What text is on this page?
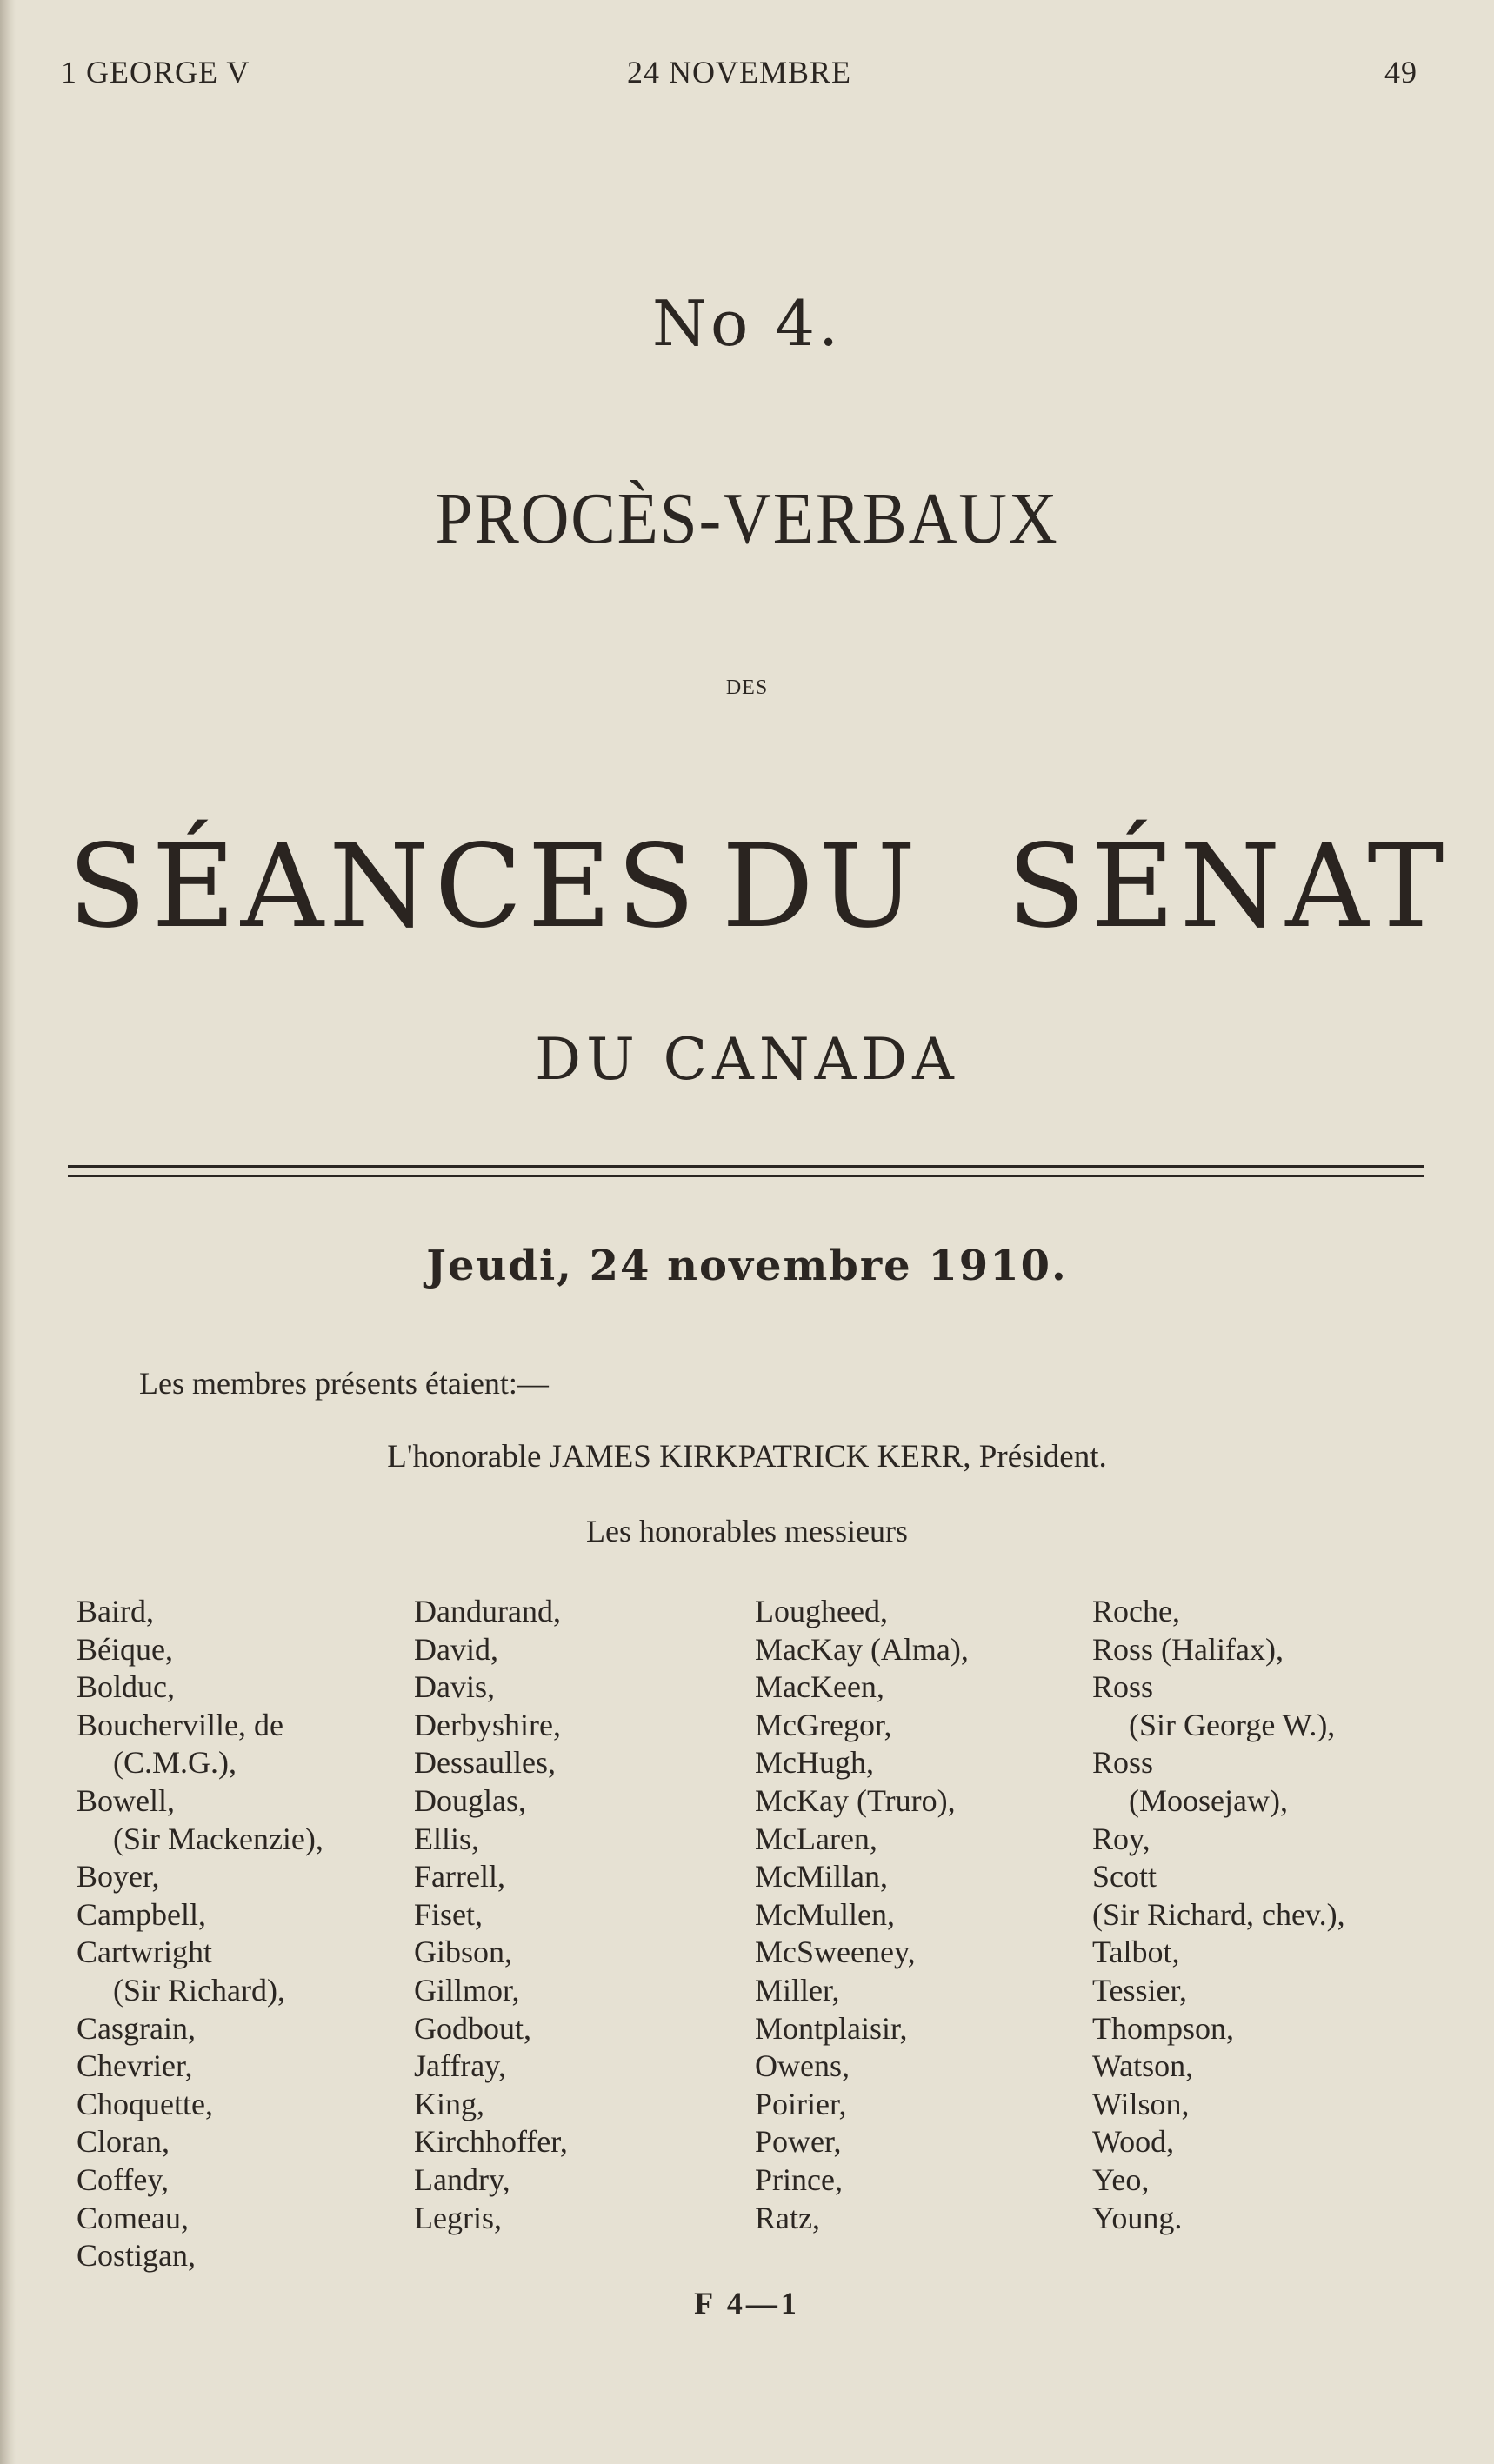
1 GEORGE V	24 NOVEMBRE	49
No 4.
PROCÈS-VERBAUX
DES
SÉANCES DU SÉNAT
DU CANADA
Jeudi, 24 novembre 1910.
Les membres présents étaient:—
L'honorable JAMES KIRKPATRICK KERR, Président.
Les honorables messieurs
Baird,
Béique,
Bolduc,
Boucherville, de
(C.M.G.),
Bowell,
(Sir Mackenzie),
Boyer,
Campbell,
Cartwright
(Sir Richard),
Casgrain,
Chevrier,
Choquette,
Cloran,
Coffey,
Comeau,
Costigan,
Dandurand,
David,
Davis,
Derbyshire,
Dessaulles,
Douglas,
Ellis,
Farrell,
Fiset,
Gibson,
Gillmor,
Godbout,
Jaffray,
King,
Kirchhoffer,
Landry,
Legris,
Lougheed,
MacKay (Alma),
MacKeen,
McGregor,
McHugh,
McKay (Truro),
McLaren,
McMillan,
McMullen,
McSweeney,
Miller,
Montplaisir,
Owens,
Poirier,
Power,
Prince,
Ratz,
Roche,
Ross (Halifax),
Ross
(Sir George W.),
Ross
(Moosejaw),
Roy,
Scott
(Sir Richard, chev.),
Talbot,
Tessier,
Thompson,
Watson,
Wilson,
Wood,
Yeo,
Young.
F 4—1
